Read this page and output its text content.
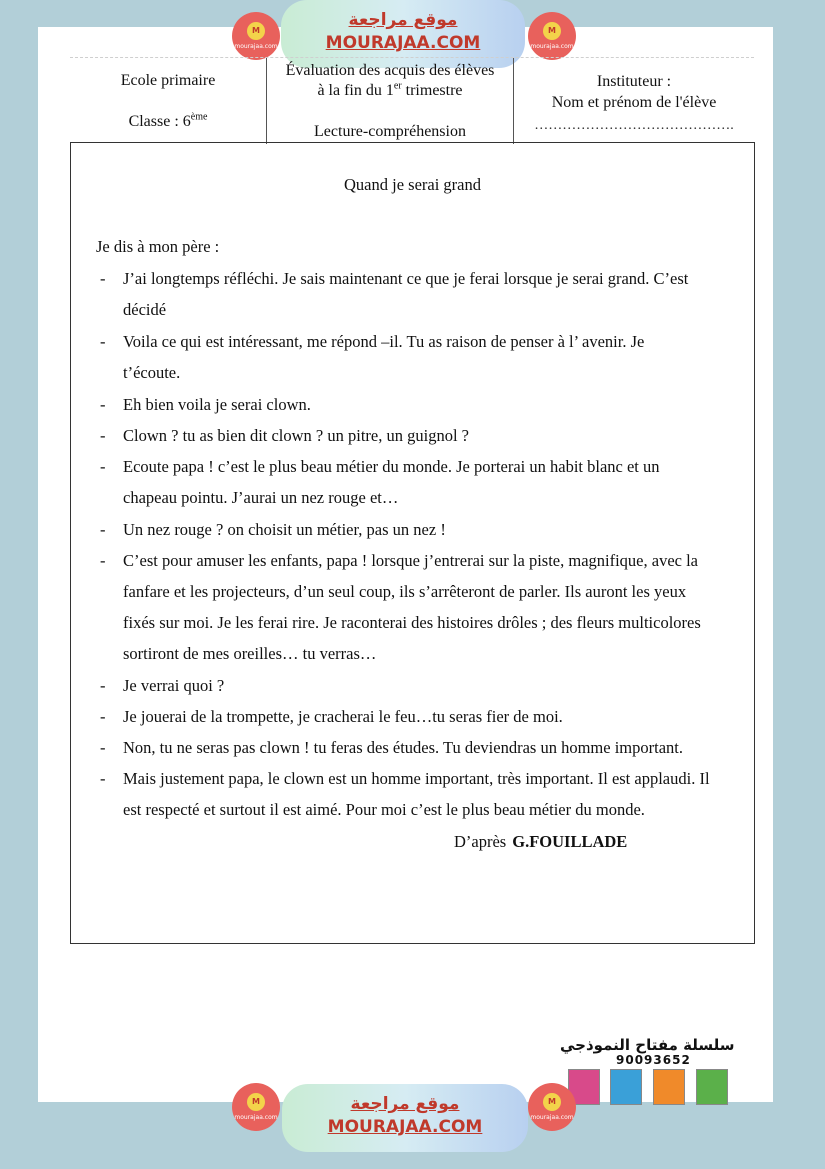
M
mourajaa.com
موقع مراجعة
MOURAJAA.COM
M
mourajaa.com
Ecole primaire
Classe : 6ème
Évaluation des acquis des élèves
à la fin du 1er trimestre
Lecture-compréhension
Instituteur :
Nom et prénom de l'élève
…………………………………….
Quand je serai grand
Je dis à mon père :
- J’ai longtemps réfléchi. Je sais maintenant ce que je ferai lorsque je serai grand. C’est
décidé
- Voila ce qui est intéressant, me répond –il. Tu as raison de penser à l’ avenir. Je
t’écoute.
- Eh bien voila je serai clown.
- Clown ? tu as bien dit clown ? un pitre, un guignol ?
- Ecoute papa ! c’est le plus beau métier du monde. Je porterai un habit blanc et un
chapeau pointu. J’aurai un nez rouge et…
- Un nez rouge ? on choisit un métier, pas un nez !
- C’est pour amuser les enfants, papa ! lorsque j’entrerai sur la piste, magnifique, avec la
fanfare et les projecteurs, d’un seul coup, ils s’arrêteront de parler. Ils auront les yeux
fixés sur moi. Je les ferai rire. Je raconterai des histoires drôles ; des fleurs multicolores
sortiront de mes oreilles… tu verras…
- Je verrai quoi ?
- Je jouerai de la trompette, je cracherai le feu…tu seras fier de moi.
- Non, tu ne seras pas clown ! tu feras des études. Tu deviendras un homme important.
- Mais justement papa, le clown est un homme important, très important. Il est applaudi. Il
est respecté et surtout il est aimé. Pour moi c’est le plus beau métier du monde.
D’après G.FOUILLADE
سلسلة مفتاح النموذجي
90093652
M
mourajaa.com
موقع مراجعة
MOURAJAA.COM
M
mourajaa.com
